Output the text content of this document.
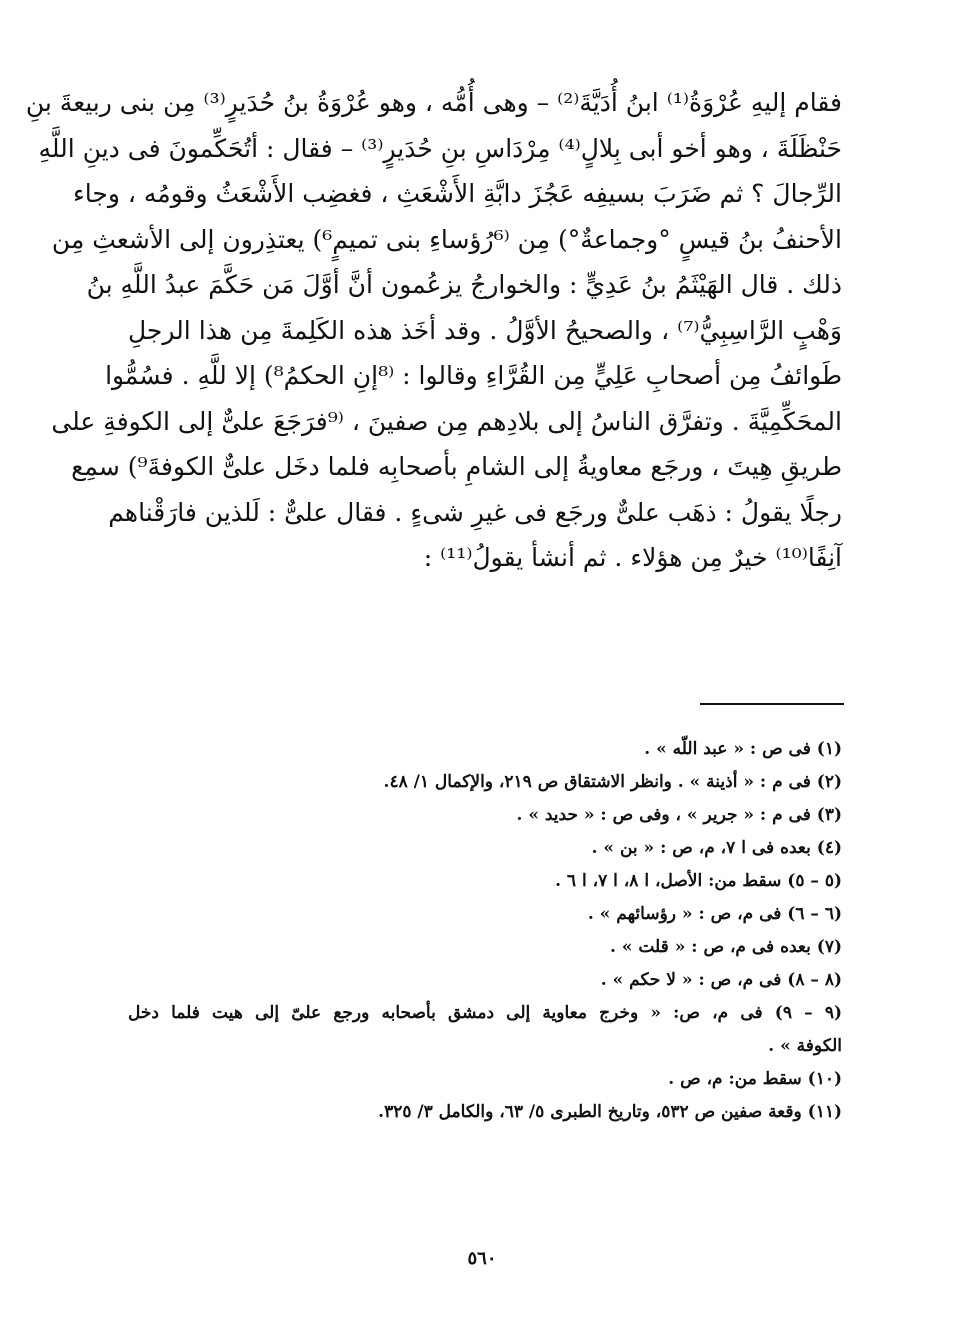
فقام إليهِ عُرْوَةُ⁽¹⁾ ابنُ أُدَيَّةَ⁽²⁾ – وهى أُمُّه ، وهو عُرْوَةُ بنُ حُدَيرٍ⁽³⁾ مِن بنى ربيعةَ بنِ
حَنْظَلَةَ ، وهو أخو أبى بِلالٍ⁽⁴⁾ مِرْدَاسِ بنِ حُدَيرٍ⁽³⁾ – فقال : أتُحَكِّمونَ فى دينِ اللَّهِ
الرِّجالَ ؟ ثم ضَرَبَ بسيفِه عَجُزَ دابَّةِ الأَشْعَثِ ، فغضِب الأَشْعَثُ وقومُه ، وجاء
الأحنفُ بنُ قيسٍ °وجماعةٌ°) مِن ⁽⁶رُؤساءِ بنى تميمٍ⁶) يعتذِرون إلى الأشعثِ مِن
ذلك . قال الهَيْثَمُ بنُ عَدِيٍّ : والخوارجُ يزعُمون أنَّ أوَّلَ مَن حَكَّمَ عبدُ اللَّهِ بنُ
وَهْبٍ الرَّاسِبِيُّ⁽⁷⁾ ، والصحيحُ الأوَّلُ . وقد أخَذ هذه الكَلِمةَ مِن هذا الرجلِ
طَوائفُ مِن أصحابِ عَلِيٍّ مِن القُرَّاءِ وقالوا : ⁽⁸إنِ الحكمُ⁸) إلا للَّهِ . فسُمُّوا
المحَكِّمِيَّةَ . وتفرَّق الناسُ إلى بلادِهم مِن صفينَ ، ⁽⁹فرَجَعَ علىٌّ إلى الكوفةِ على
طريقِ هِيتَ ، ورجَع معاويةُ إلى الشامِ بأصحابِه فلما دخَل علىٌّ الكوفةَ⁹) سمِع
رجلًا يقولُ : ذهَب علىٌّ ورجَع فى غيرِ شىءٍ . فقال علىٌّ : لَلذين فارَقْناهم
آنِفًا⁽¹⁰⁾ خيرٌ مِن هؤلاء . ثم أنشأ يقولُ⁽¹¹⁾ :
(١) فى ص : « عبد اللّه » .
(٢) فى م : « أذينة » . وانظر الاشتقاق ص ٢١٩، والإكمال ١/ ٤٨.
(٣) فى م : « جرير » ، وفى ص : « حديد » .
(٤) بعده فى ا ٧، م، ص : « بن » .
(٥ – ٥) سقط من: الأصل، ا ٨، ا ٧، ا ٦ .
(٦ – ٦) فى م، ص : « رؤسائهم » .
(٧) بعده فى م، ص : « قلت » .
(٨ – ٨) فى م، ص : « لا حكم » .
(٩ – ٩) فى م، ص: « وخرج معاوية إلى دمشق بأصحابه ورجع علىّ إلى هيت فلما دخل
الكوفة » .
(١٠) سقط من: م، ص .
(١١) وقعة صفين ص ٥٣٢، وتاريخ الطبرى ٥/ ٦٣، والكامل ٣/ ٣٢٥.
٥٦٠
